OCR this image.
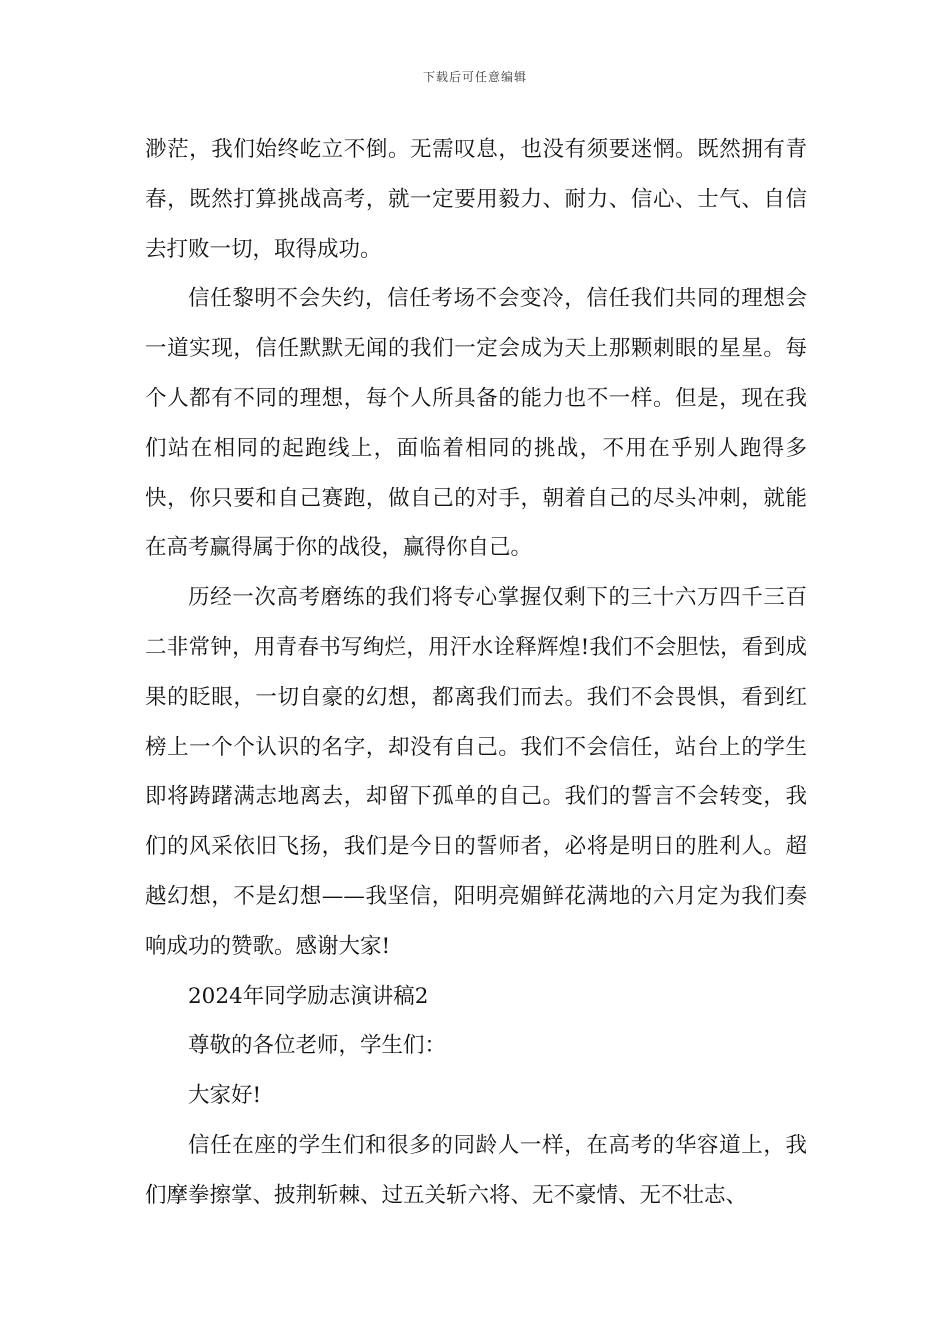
下载后可任意编辑

渺茫，我们始终屹立不倒。无需叹息，也没有须要迷惘。既然拥有青春，既然打算挑战高考，就一定要用毅力、耐力、信心、士气、自信去打败一切，取得成功。

信任黎明不会失约，信任考场不会变冷，信任我们共同的理想会一道实现，信任默默无闻的我们一定会成为天上那颗刺眼的星星。每个人都有不同的理想，每个人所具备的能力也不一样。但是，现在我们站在相同的起跑线上，面临着相同的挑战，不用在乎别人跑得多快，你只要和自己赛跑，做自己的对手，朝着自己的尽头冲刺，就能在高考赢得属于你的战役，赢得你自己。

历经一次高考磨练的我们将专心掌握仅剩下的三十六万四千三百二非常钟，用青春书写绚烂，用汗水诠释辉煌!我们不会胆怯，看到成果的眨眼，一切自豪的幻想，都离我们而去。我们不会畏惧，看到红榜上一个个认识的名字，却没有自己。我们不会信任，站台上的学生即将踌躇满志地离去，却留下孤单的自己。我们的誓言不会转变，我们的风采依旧飞扬，我们是今日的誓师者，必将是明日的胜利人。超越幻想，不是幻想——我坚信，阳明亮媚鲜花满地的六月定为我们奏响成功的赞歌。感谢大家!

2024年同学励志演讲稿2

尊敬的各位老师，学生们：

大家好!

信任在座的学生们和很多的同龄人一样，在高考的华容道上，我们摩拳擦掌、披荆斩棘、过五关斩六将、无不豪情、无不壮志、
